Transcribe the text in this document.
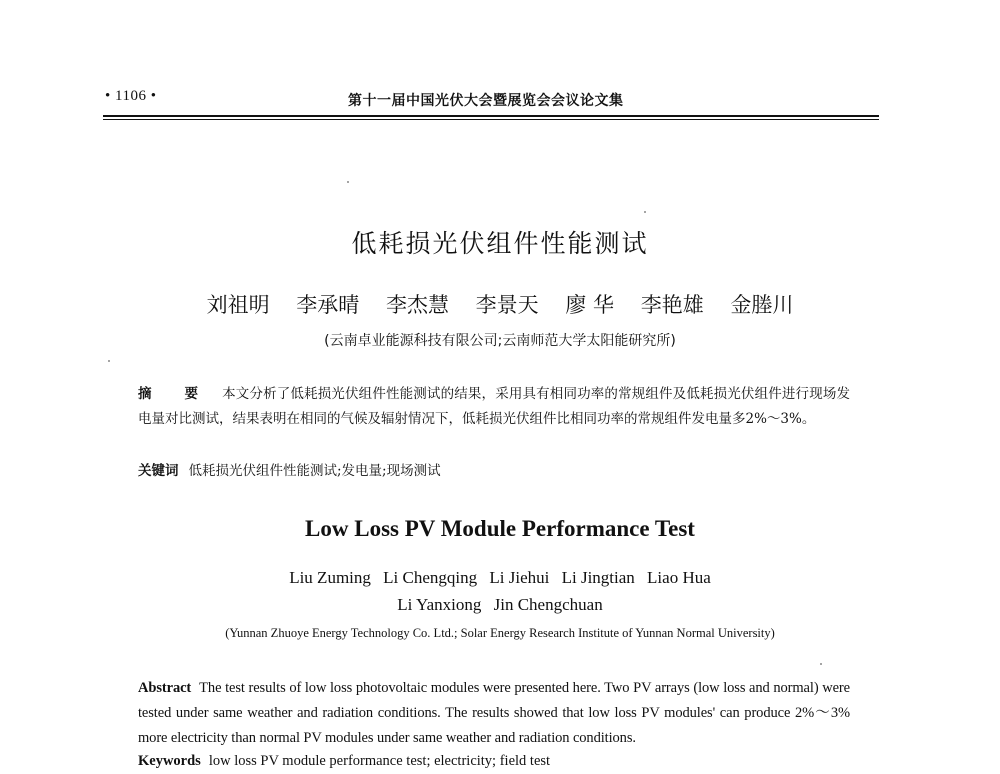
• 1106 •	第十一届中国光伏大会暨展览会会议论文集
低耗损光伏组件性能测试
刘祖明 李承晴 李杰慧 李景天 廖 华 李艳雄 金塍川
(云南卓业能源科技有限公司;云南师范大学太阳能研究所)
摘 要 本文分析了低耗损光伏组件性能测试的结果，采用具有相同功率的常规组件及低耗损光伏组件进行现场发电量对比测试，结果表明在相同的气候及辐射情况下，低耗损光伏组件比相同功率的常规组件发电量多2%～3%。
关键词 低耗损光伏组件性能测试;发电量;现场测试
Low Loss PV Module Performance Test
Liu Zuming Li Chengqing Li Jiehui Li Jingtian Liao Hua
Li Yanxiong Jin Chengchuan
(Yunnan Zhuoye Energy Technology Co. Ltd.; Solar Energy Research Institute of Yunnan Normal University)
Abstract The test results of low loss photovoltaic modules were presented here. Two PV arrays (low loss and normal) were tested under same weather and radiation conditions. The results showed that low loss PV modules' can produce 2%～3% more electricity than normal PV modules under same weather and radiation conditions.
Keywords low loss PV module performance test; electricity; field test
